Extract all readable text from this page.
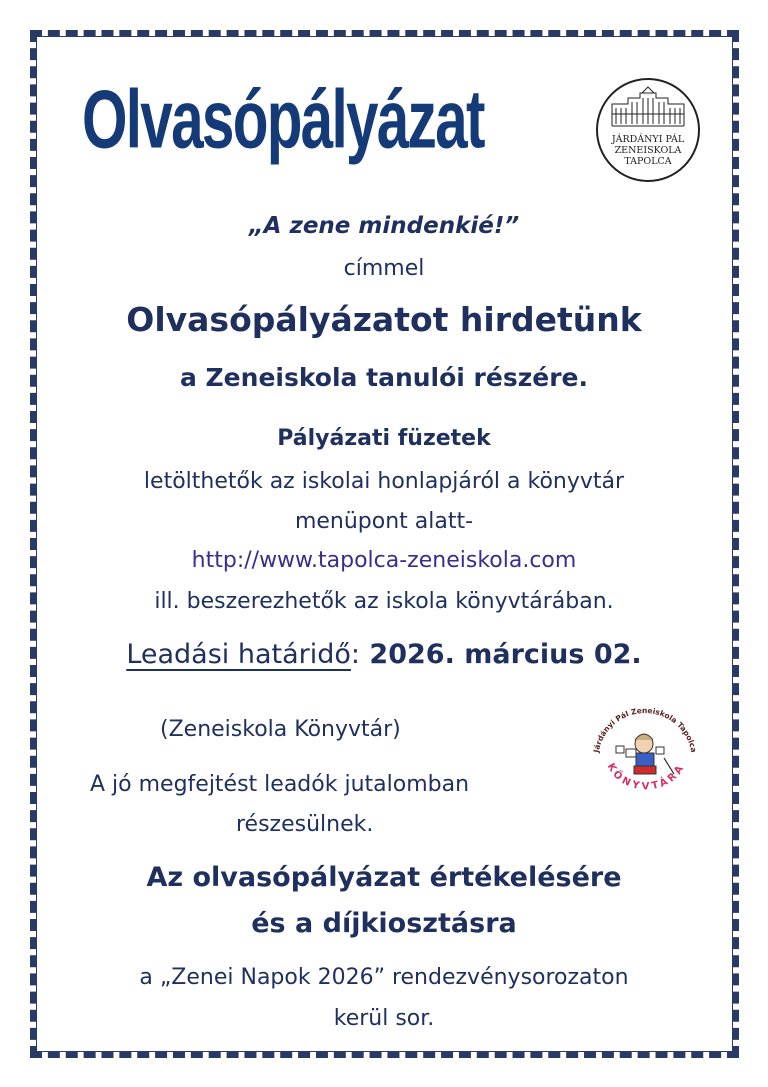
Olvasópályázat	JÁRDÁNYI PÁL
ZENEISKOLA
TAPOLCA
„A zene mindenkié!”
címmel
Olvasópályázatot hirdetünk
a Zeneiskola tanulói részére.
Pályázati füzetek
letölthetők az iskolai honlapjáról a könyvtár
menüpont alatt-
http://www.tapolca-zeneiskola.com
ill. beszerezhetők az iskola könyvtárában.
Leadási határidő: 2026. március 02.
(Zeneiskola Könyvtár)
A jó megfejtést leadók jutalomban
részesülnek.
Járdányi Pál Zeneiskola Tapolca
KÖNYVTÁRA
Az olvasópályázat értékelésére
és a díjkiosztásra
a „Zenei Napok 2026” rendezvénysorozaton
kerül sor.
